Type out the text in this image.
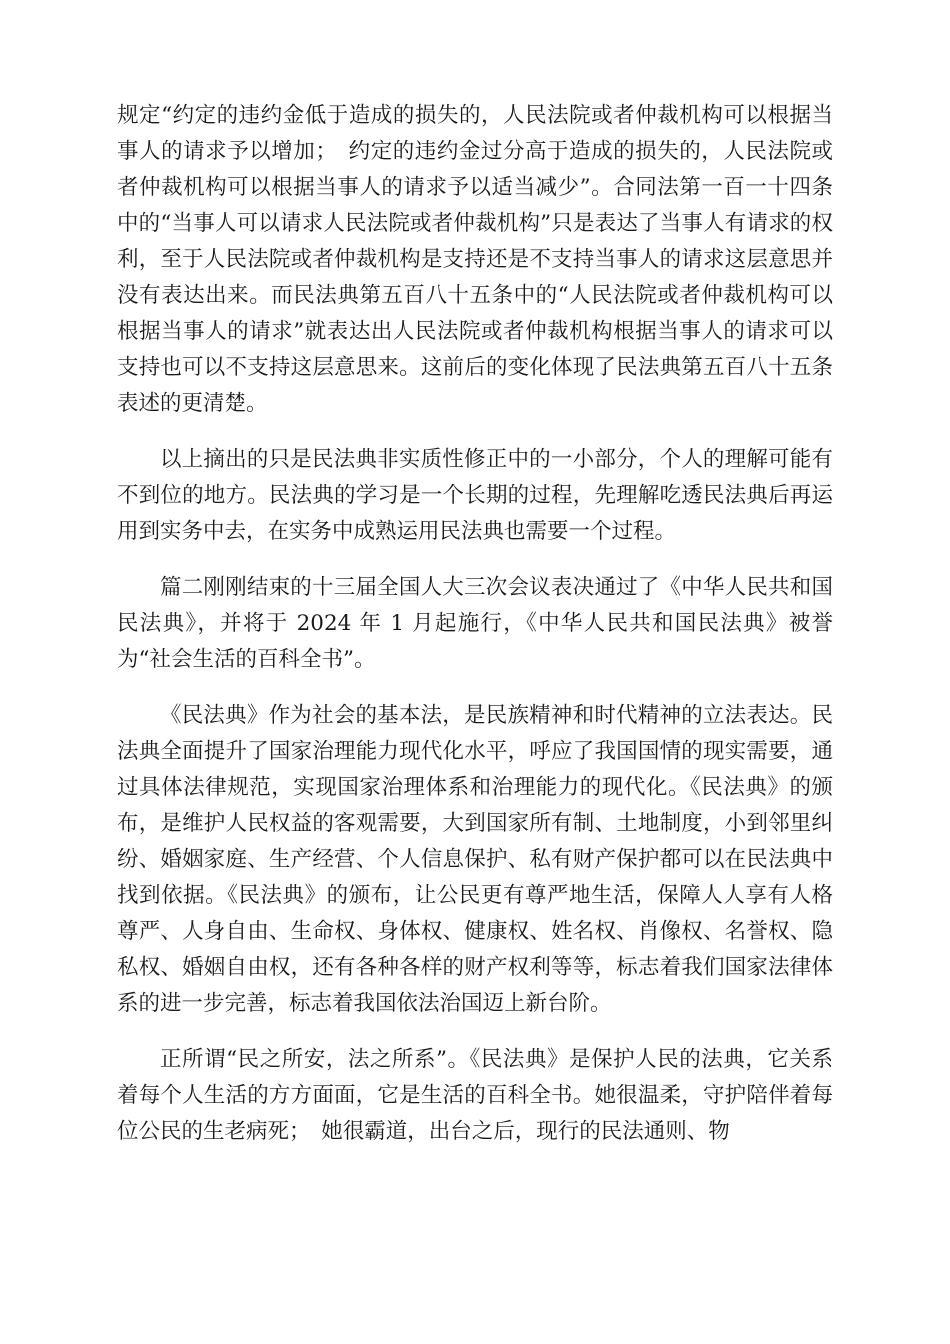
规定“约定的违约金低于造成的损失的，人民法院或者仲裁机构可以根据当事人的请求予以增加；　约定的违约金过分高于造成的损失的，人民法院或者仲裁机构可以根据当事人的请求予以适当减少”。合同法第一百一十四条中的“当事人可以请求人民法院或者仲裁机构”只是表达了当事人有请求的权利，至于人民法院或者仲裁机构是支持还是不支持当事人的请求这层意思并没有表达出来。而民法典第五百八十五条中的“人民法院或者仲裁机构可以根据当事人的请求”就表达出人民法院或者仲裁机构根据当事人的请求可以支持也可以不支持这层意思来。这前后的变化体现了民法典第五百八十五条表述的更清楚。

以上摘出的只是民法典非实质性修正中的一小部分，个人的理解可能有不到位的地方。民法典的学习是一个长期的过程，先理解吃透民法典后再运用到实务中去，在实务中成熟运用民法典也需要一个过程。

篇二刚刚结束的十三届全国人大三次会议表决通过了《中华人民共和国民法典》，并将于 2024 年 1 月起施行，《中华人民共和国民法典》被誉为“社会生活的百科全书”。

《民法典》作为社会的基本法，是民族精神和时代精神的立法表达。民法典全面提升了国家治理能力现代化水平，呼应了我国国情的现实需要，通过具体法律规范，实现国家治理体系和治理能力的现代化。《民法典》的颁布，是维护人民权益的客观需要，大到国家所有制、土地制度，小到邻里纠纷、婚姻家庭、生产经营、个人信息保护、私有财产保护都可以在民法典中找到依据。《民法典》的颁布，让公民更有尊严地生活，保障人人享有人格尊严、人身自由、生命权、身体权、健康权、姓名权、肖像权、名誉权、隐私权、婚姻自由权，还有各种各样的财产权利等等，标志着我们国家法律体系的进一步完善，标志着我国依法治国迈上新台阶。

正所谓“民之所安，法之所系”。《民法典》是保护人民的法典，它关系着每个人生活的方方面面，它是生活的百科全书。她很温柔，守护陪伴着每位公民的生老病死；　她很霸道，出台之后，现行的民法通则、物
